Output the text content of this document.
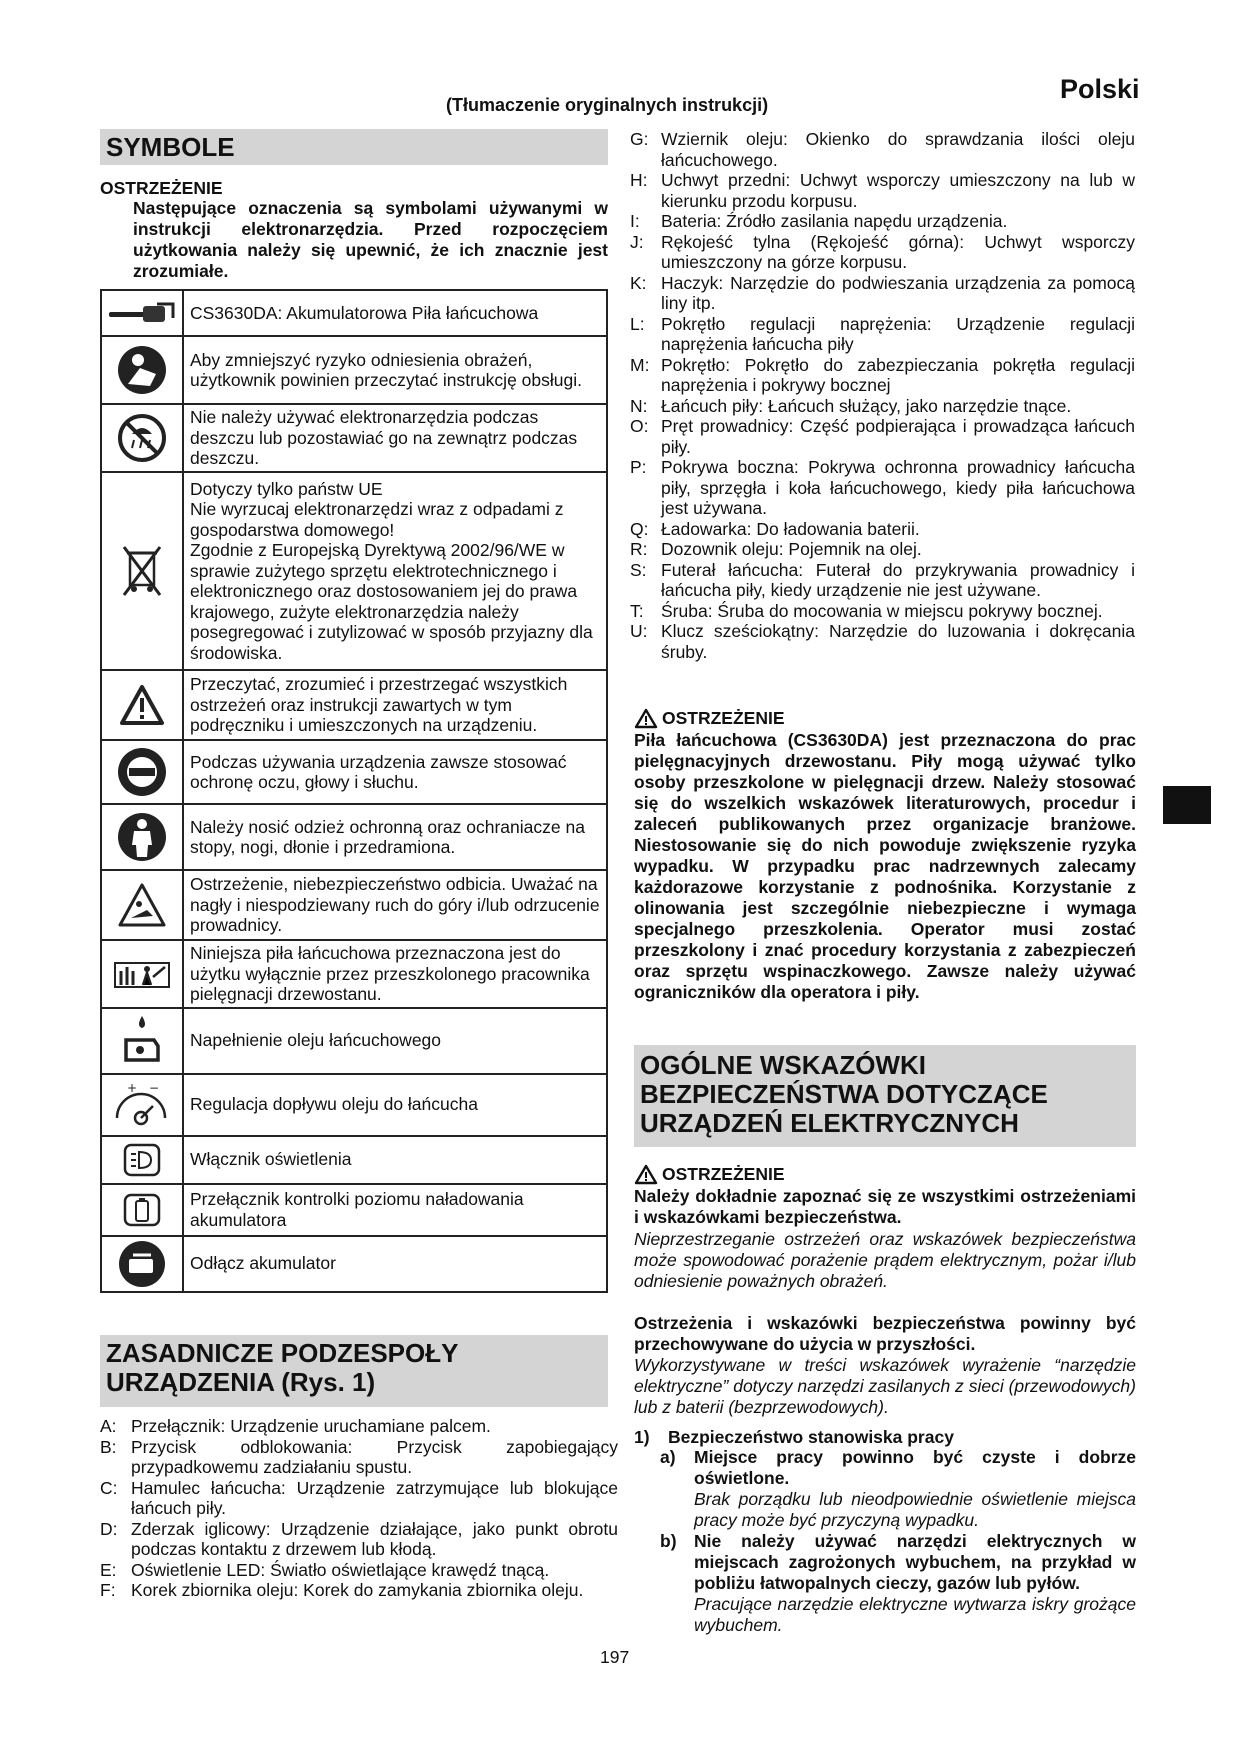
Polski
(Tłumaczenie oryginalnych instrukcji)
SYMBOLE
OSTRZEŻENIE
Następujące oznaczenia są symbolami używanymi w instrukcji elektronarzędzia. Przed rozpoczęciem użytkowania należy się upewnić, że ich znacznie jest zrozumiałe.
	CS3630DA: Akumulatorowa Piła łańcuchowa

	Aby zmniejszyć ryzyko odniesienia obrażeń, użytkownik powinien przeczytać instrukcję obsługi.

	Nie należy używać elektronarzędzia podczas deszczu lub pozostawiać go na zewnątrz podczas deszczu.

	Dotyczy tylko państw UE
Nie wyrzucaj elektronarzędzi wraz z odpadami z gospodarstwa domowego!
Zgodnie z Europejską Dyrektywą 2002/96/WE w sprawie zużytego sprzętu elektrotechnicznego i elektronicznego oraz dostosowaniem jej do prawa krajowego, zużyte elektronarzędzia należy posegregować i zutylizować w sposób przyjazny dla środowiska.

	Przeczytać, zrozumieć i przestrzegać wszystkich ostrzeżeń oraz instrukcji zawartych w tym podręczniku i umieszczonych na urządzeniu.

	Podczas używania urządzenia zawsze stosować ochronę oczu, głowy i słuchu.

	Należy nosić odzież ochronną oraz ochraniacze na stopy, nogi, dłonie i przedramiona.

	Ostrzeżenie, niebezpieczeństwo odbicia. Uważać na nagły i niespodziewany ruch do góry i/lub odrzucenie prowadnicy.

	Niniejsza piła łańcuchowa przeznaczona jest do użytku wyłącznie przez przeszkolonego pracownika pielęgnacji drzewostanu.

	Napełnienie oleju łańcuchowego

+ −	Regulacja dopływu oleju do łańcucha

	Włącznik oświetlenia

	Przełącznik kontrolki poziomu naładowania akumulatora

	Odłącz akumulator
ZASADNICZE PODZESPOŁY URZĄDZENIA (Rys. 1)
A: Przełącznik: Urządzenie uruchamiane palcem.
B: Przycisk odblokowania: Przycisk zapobiegający przypadkowemu zadziałaniu spustu.
C: Hamulec łańcucha: Urządzenie zatrzymujące lub blokujące łańcuch piły.
D: Zderzak iglicowy: Urządzenie działające, jako punkt obrotu podczas kontaktu z drzewem lub kłodą.
E: Oświetlenie LED: Światło oświetlające krawędź tnącą.
F: Korek zbiornika oleju: Korek do zamykania zbiornika oleju.
G: Wziernik oleju: Okienko do sprawdzania ilości oleju łańcuchowego.
H: Uchwyt przedni: Uchwyt wsporczy umieszczony na lub w kierunku przodu korpusu.
I:	Bateria: Źródło zasilania napędu urządzenia.
J: Rękojeść tylna (Rękojeść górna): Uchwyt wsporczy umieszczony na górze korpusu.
K: Haczyk: Narzędzie do podwieszania urządzenia za pomocą liny itp.
L: Pokrętło regulacji naprężenia: Urządzenie regulacji naprężenia łańcucha piły
M: Pokrętło: Pokrętło do zabezpieczania pokrętła regulacji naprężenia i pokrywy bocznej
N: Łańcuch piły: Łańcuch służący, jako narzędzie tnące.
O: Pręt prowadnicy: Część podpierająca i prowadząca łańcuch piły.
P: Pokrywa boczna: Pokrywa ochronna prowadnicy łańcucha piły, sprzęgła i koła łańcuchowego, kiedy piła łańcuchowa jest używana.
Q: Ładowarka: Do ładowania baterii.
R: Dozownik oleju: Pojemnik na olej.
S: Futerał łańcucha: Futerał do przykrywania prowadnicy i łańcucha piły, kiedy urządzenie nie jest używane.
T: Śruba: Śruba do mocowania w miejscu pokrywy bocznej.
U: Klucz sześciokątny: Narzędzie do luzowania i dokręcania śruby.
OSTRZEŻENIE
Piła łańcuchowa (CS3630DA) jest przeznaczona do prac pielęgnacyjnych drzewostanu. Piły mogą używać tylko osoby przeszkolone w pielęgnacji drzew. Należy stosować się do wszelkich wskazówek literaturowych, procedur i zaleceń publikowanych przez organizacje branżowe. Niestosowanie się do nich powoduje zwiększenie ryzyka wypadku. W przypadku prac nadrzewnych zalecamy każdorazowe korzystanie z podnośnika. Korzystanie z olinowania jest szczególnie niebezpieczne i wymaga specjalnego przeszkolenia. Operator musi zostać przeszkolony i znać procedury korzystania z zabezpieczeń oraz sprzętu wspinaczkowego. Zawsze należy używać ograniczników dla operatora i piły.
OGÓLNE WSKAZÓWKI BEZPIECZEŃSTWA DOTYCZĄCE URZĄDZEŃ ELEKTRYCZNYCH
OSTRZEŻENIE
Należy dokładnie zapoznać się ze wszystkimi ostrzeżeniami i wskazówkami bezpieczeństwa.
Nieprzestrzeganie ostrzeżeń oraz wskazówek bezpieczeństwa może spowodować porażenie prądem elektrycznym, pożar i/lub odniesienie poważnych obrażeń.
Ostrzeżenia i wskazówki bezpieczeństwa powinny być przechowywane do użycia w przyszłości.
Wykorzystywane w treści wskazówek wyrażenie “narzędzie elektryczne” dotyczy narzędzi zasilanych z sieci (przewodowych) lub z baterii (bezprzewodowych).
1)	Bezpieczeństwo stanowiska pracy
a)	Miejsce pracy powinno być czyste i dobrze oświetlone.
Brak porządku lub nieodpowiednie oświetlenie miejsca pracy może być przyczyną wypadku.
b) Nie należy używać narzędzi elektrycznych w miejscach zagrożonych wybuchem, na przykład w pobliżu łatwopalnych cieczy, gazów lub pyłów.
Pracujące narzędzie elektryczne wytwarza iskry grożące wybuchem.
197
